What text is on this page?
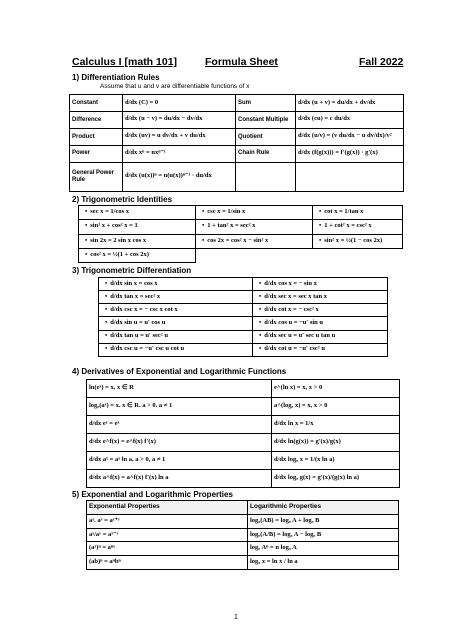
Calculus I [math 101]	Formula Sheet	Fall 2022
1) Differentiation Rules
Assume that u and v are differentiable functions of x
Constant	d/dx (C) = 0	Sum	d/dx (u + v) = du/dx + dv/dx
Difference	d/dx (u − v) = du/dx − dv/dx	Constant Multiple	d/dx (cu) = c du/dx
Product	d/dx (uv) = u dv/dx + v du/dx	Quotient	d/dx (u/v) = (v du/dx − u dv/dx)/v²
Power	d/dx xⁿ = nxⁿ⁻¹	Chain Rule	d/dx (f(g(x))) = f′(g(x)) · g′(x)
General Power Rule	d/dx (u(x))ⁿ = n(u(x))ⁿ⁻¹ · du/dx		
2) Trigonometric Identities
• sec x = 1/cos x	• csc x = 1/sin x	• cot x = 1/tan x
• sin² x + cos² x = 1	• 1 + tan² x = sec² x	• 1 + cot² x = csc² x
• sin 2x = 2 sin x cos x	• cos 2x = cos² x − sin² x	• sin² x = ½(1 − cos 2x)
• cos² x = ½(1 + cos 2x)		
3) Trigonometric Differentiation
• d/dx sin x = cos x	• d/dx cos x = − sin x
• d/dx tan x = sec² x	• d/dx sec x = sec x tan x
• d/dx csc x = − csc x cot x	• d/dx cot x = − csc² x
• d/dx sin u = u′ cos u	• d/dx cos u = −u′ sin u
• d/dx tan u = u′ sec² u	• d/dx sec u = u′ sec u tan u
• d/dx csc u = −u′ csc u cot u	• d/dx cot u = −u′ csc² u
4) Derivatives of Exponential and Logarithmic Functions
ln(eˣ) = x, x ∈ R	e^(ln x) = x, x > 0
logₐ(aˣ) = x. x ∈ R. a > 0. a ≠ 1	a^(logₐ x) = x, x > 0
d/dx eˣ = eˣ	d/dx ln x = 1/x
d/dx e^f(x) = e^f(x) f′(x)	d/dx ln(g(x)) = g′(x)/g(x)
d/dx aˣ = aˣ ln a, a > 0, a ≠ 1	d/dx logₐ x = 1/(x ln a)
d/dx a^f(x) = a^f(x) f′(x) ln a	d/dx logₐ g(x) = g′(x)/(g(x) ln a)
5) Exponential and Logarithmic Properties
Exponential Properties	Logarithmic Properties
aˣ. aʸ = aˣ⁺ʸ	logₐ(AB) = logₐ A + logₐ B
aˣ/aʸ = aˣ⁻ʸ	logₐ(A/B) = logₐ A − logₐ B
(aˣ)ⁿ = aⁿˣ	logₐ Aⁿ = n logₐ A
(ab)ⁿ = aⁿbⁿ	logₐ x = ln x / ln a
1
